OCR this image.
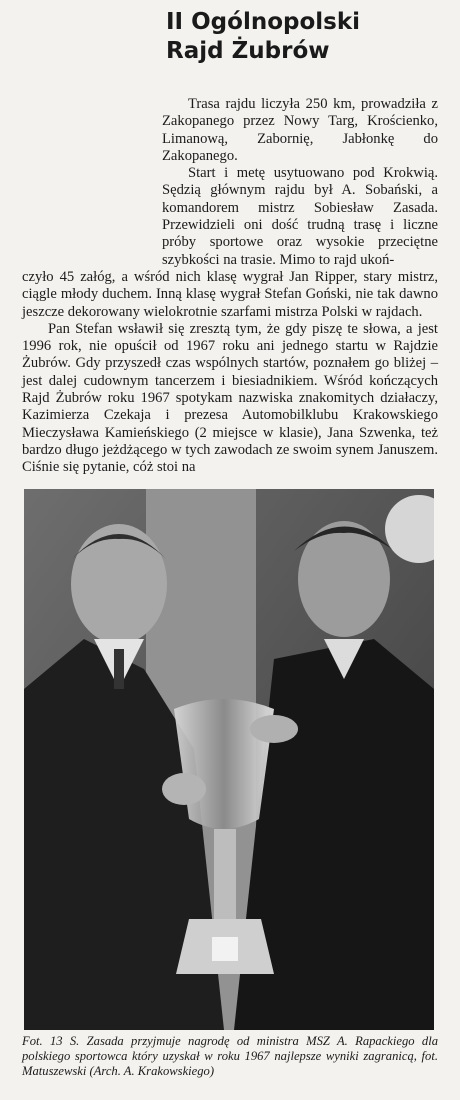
II Ogólnopolski
Rajd Żubrów

Trasa rajdu liczyła 250 km, prowadziła z Zakopanego przez Nowy Targ, Krościenko, Limanową, Zabornię, Jabłonkę do Zakopanego.

Start i metę usytuowano pod Krokwią. Sędzią głównym rajdu był A. Sobański, a komandorem mistrz Sobiesław Zasada. Przewidzieli oni dość trudną trasę i liczne próby sportowe oraz wysokie przeciętne szybkości na trasie. Mimo to rajd ukoń-

czyło 45 załóg, a wśród nich klasę wygrał Jan Ripper, stary mistrz, ciągle młody duchem. Inną klasę wygrał Stefan Goński, nie tak dawno jeszcze dekorowany wielokrotnie szarfami mistrza Polski w rajdach.

Pan Stefan wsławił się zresztą tym, że gdy piszę te słowa, a jest 1996 rok, nie opuścił od 1967 roku ani jednego startu w Rajdzie Żubrów. Gdy przyszedł czas wspólnych startów, poznałem go bliżej – jest dalej cudownym tancerzem i biesiadnikiem. Wśród kończących Rajd Żubrów roku 1967 spotykam nazwiska znakomitych działaczy, Kazimierza Czekaja i prezesa Automobilklubu Krakowskiego Mieczysława Kamieńskiego (2 miejsce w klasie), Jana Szwenka, też bardzo długo jeżdżącego w tych zawodach ze swoim synem Januszem. Ciśnie się pytanie, cóż stoi na

Fot. 13 S. Zasada przyjmuje nagrodę od ministra MSZ A. Rapackiego dla polskiego sportowca który uzyskał w roku 1967 najlepsze wyniki zagranicą, fot. Matuszewski (Arch. A. Krakowskiego)
